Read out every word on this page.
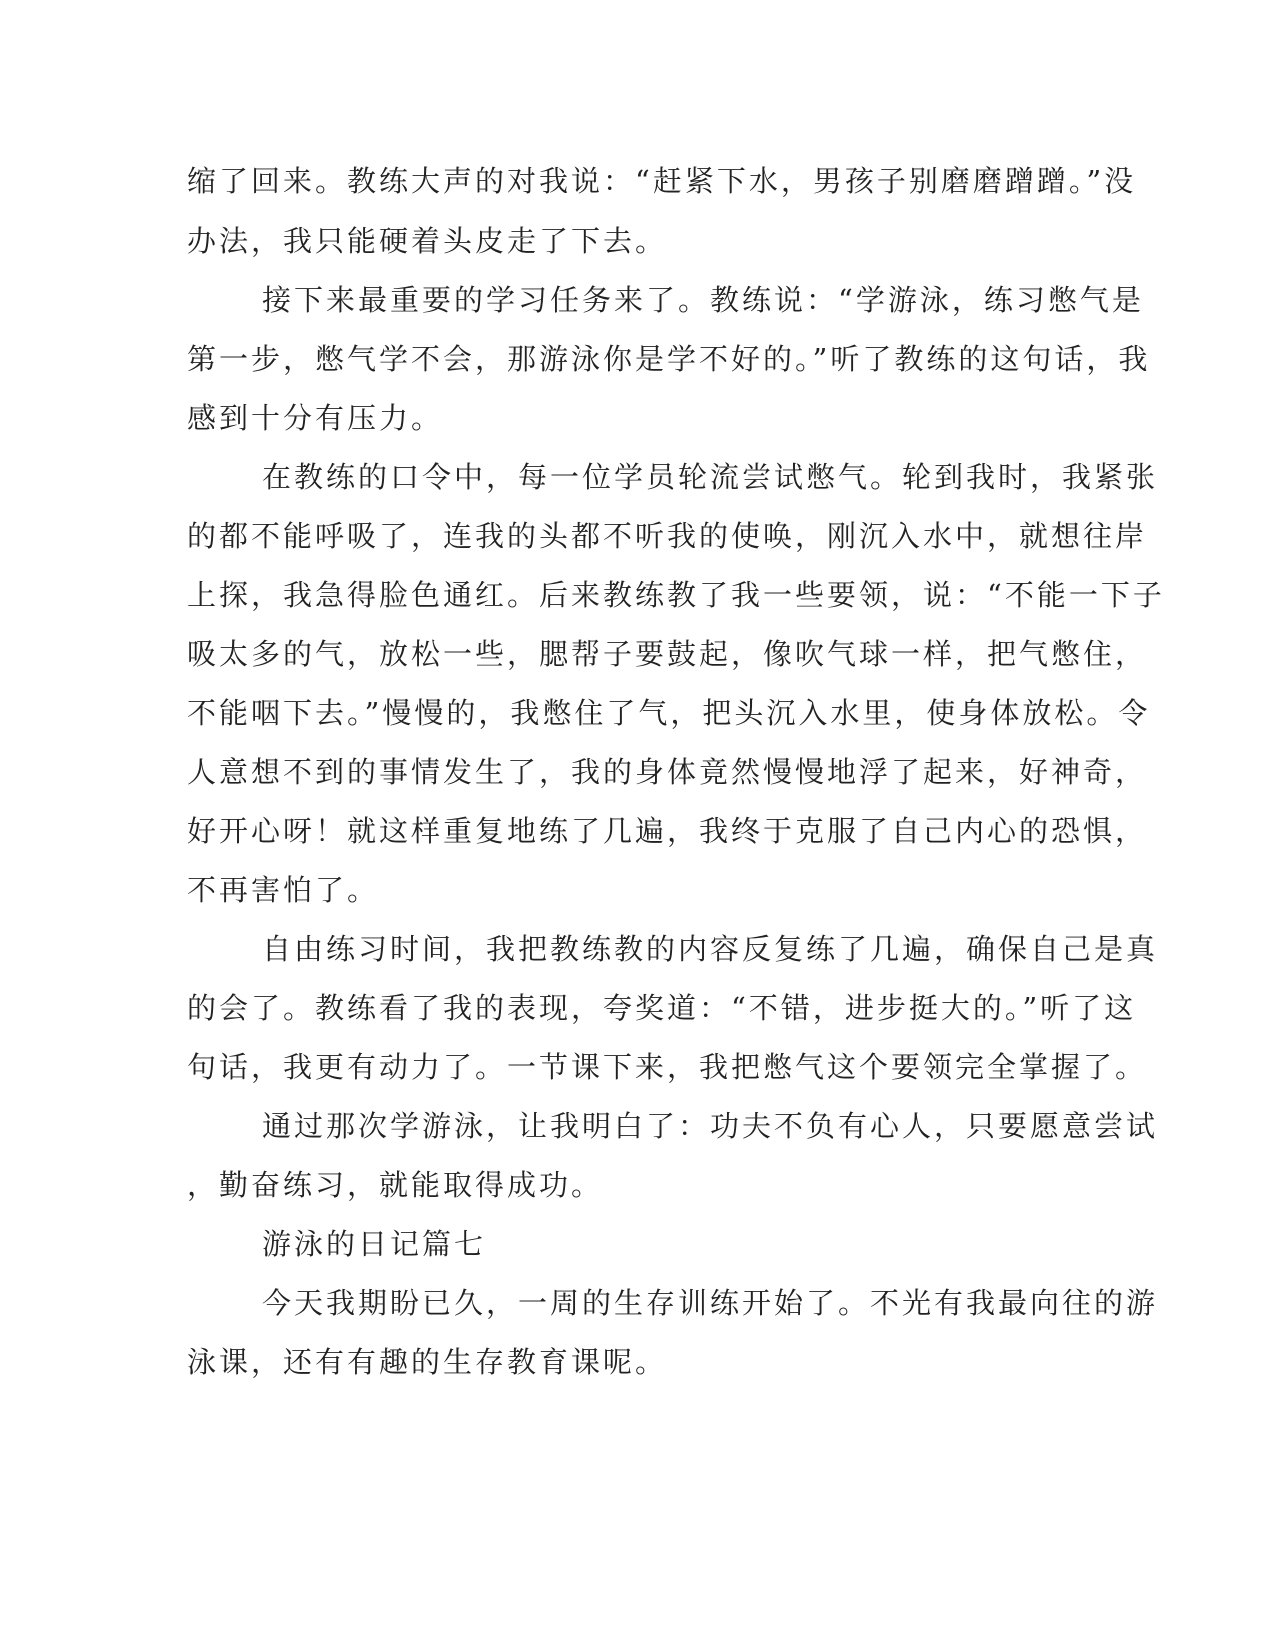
缩了回来。教练大声的对我说：“赶紧下水，男孩子别磨磨蹭蹭。”没
办法，我只能硬着头皮走了下去。
接下来最重要的学习任务来了。教练说：“学游泳，练习憋气是
第一步，憋气学不会，那游泳你是学不好的。”听了教练的这句话，我
感到十分有压力。
在教练的口令中，每一位学员轮流尝试憋气。轮到我时，我紧张
的都不能呼吸了，连我的头都不听我的使唤，刚沉入水中，就想往岸
上探，我急得脸色通红。后来教练教了我一些要领，说：“不能一下子
吸太多的气，放松一些，腮帮子要鼓起，像吹气球一样，把气憋住，
不能咽下去。”慢慢的，我憋住了气，把头沉入水里，使身体放松。令
人意想不到的事情发生了，我的身体竟然慢慢地浮了起来，好神奇，
好开心呀！就这样重复地练了几遍，我终于克服了自己内心的恐惧，
不再害怕了。
自由练习时间，我把教练教的内容反复练了几遍，确保自己是真
的会了。教练看了我的表现，夸奖道：“不错，进步挺大的。”听了这
句话，我更有动力了。一节课下来，我把憋气这个要领完全掌握了。
通过那次学游泳，让我明白了：功夫不负有心人，只要愿意尝试
，勤奋练习，就能取得成功。
游泳的日记篇七
今天我期盼已久，一周的生存训练开始了。不光有我最向往的游
泳课，还有有趣的生存教育课呢。
